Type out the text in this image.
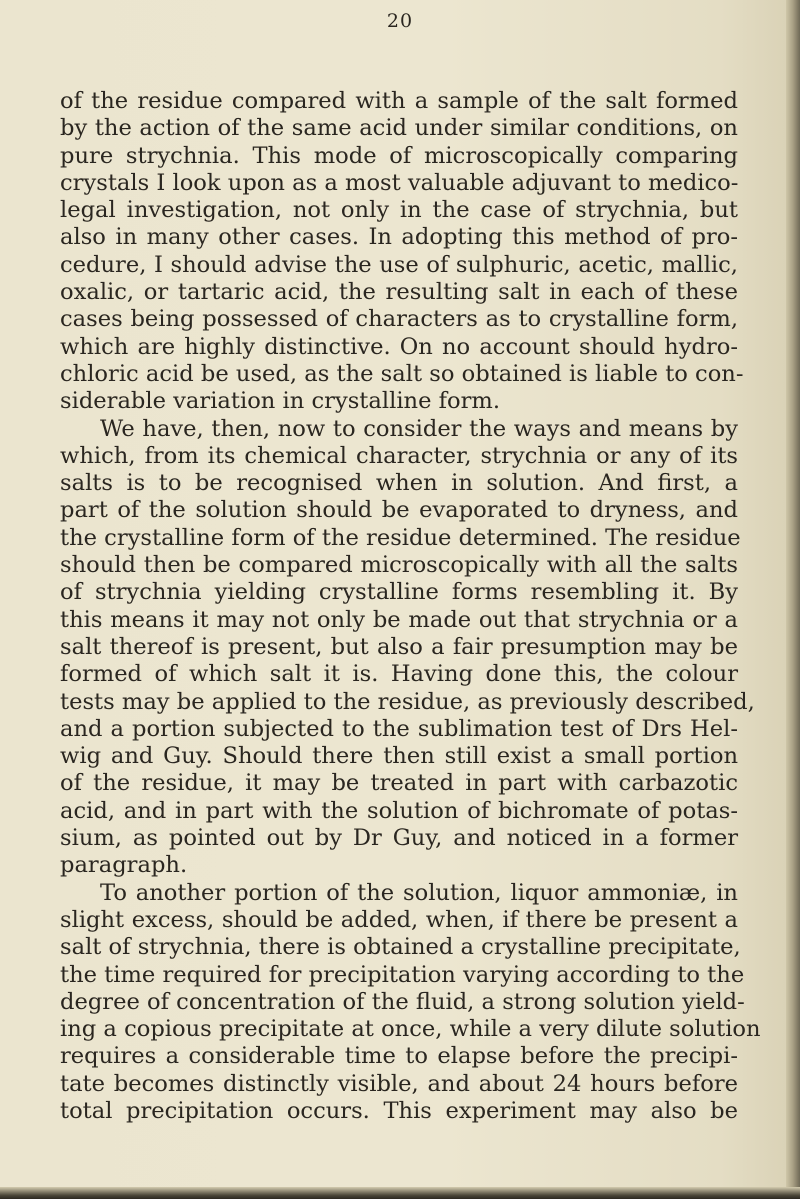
20
of the residue compared with a sample of the salt formed
by the action of the same acid under similar conditions, on
pure strychnia. This mode of microscopically comparing
crystals I look upon as a most valuable adjuvant to medico-
legal investigation, not only in the case of strychnia, but
also in many other cases. In adopting this method of pro-
cedure, I should advise the use of sulphuric, acetic, mallic,
oxalic, or tartaric acid, the resulting salt in each of these
cases being possessed of characters as to crystalline form,
which are highly distinctive. On no account should hydro-
chloric acid be used, as the salt so obtained is liable to con-
siderable variation in crystalline form.
We have, then, now to consider the ways and means by
which, from its chemical character, strychnia or any of its
salts is to be recognised when in solution. And first, a
part of the solution should be evaporated to dryness, and
the crystalline form of the residue determined. The residue
should then be compared microscopically with all the salts
of strychnia yielding crystalline forms resembling it. By
this means it may not only be made out that strychnia or a
salt thereof is present, but also a fair presumption may be
formed of which salt it is. Having done this, the colour
tests may be applied to the residue, as previously described,
and a portion subjected to the sublimation test of Drs Hel-
wig and Guy. Should there then still exist a small portion
of the residue, it may be treated in part with carbazotic
acid, and in part with the solution of bichromate of potas-
sium, as pointed out by Dr Guy, and noticed in a former
paragraph.
To another portion of the solution, liquor ammoniæ, in
slight excess, should be added, when, if there be present a
salt of strychnia, there is obtained a crystalline precipitate,
the time required for precipitation varying according to the
degree of concentration of the fluid, a strong solution yield-
ing a copious precipitate at once, while a very dilute solution
requires a considerable time to elapse before the precipi-
tate becomes distinctly visible, and about 24 hours before
total precipitation occurs. This experiment may also be
